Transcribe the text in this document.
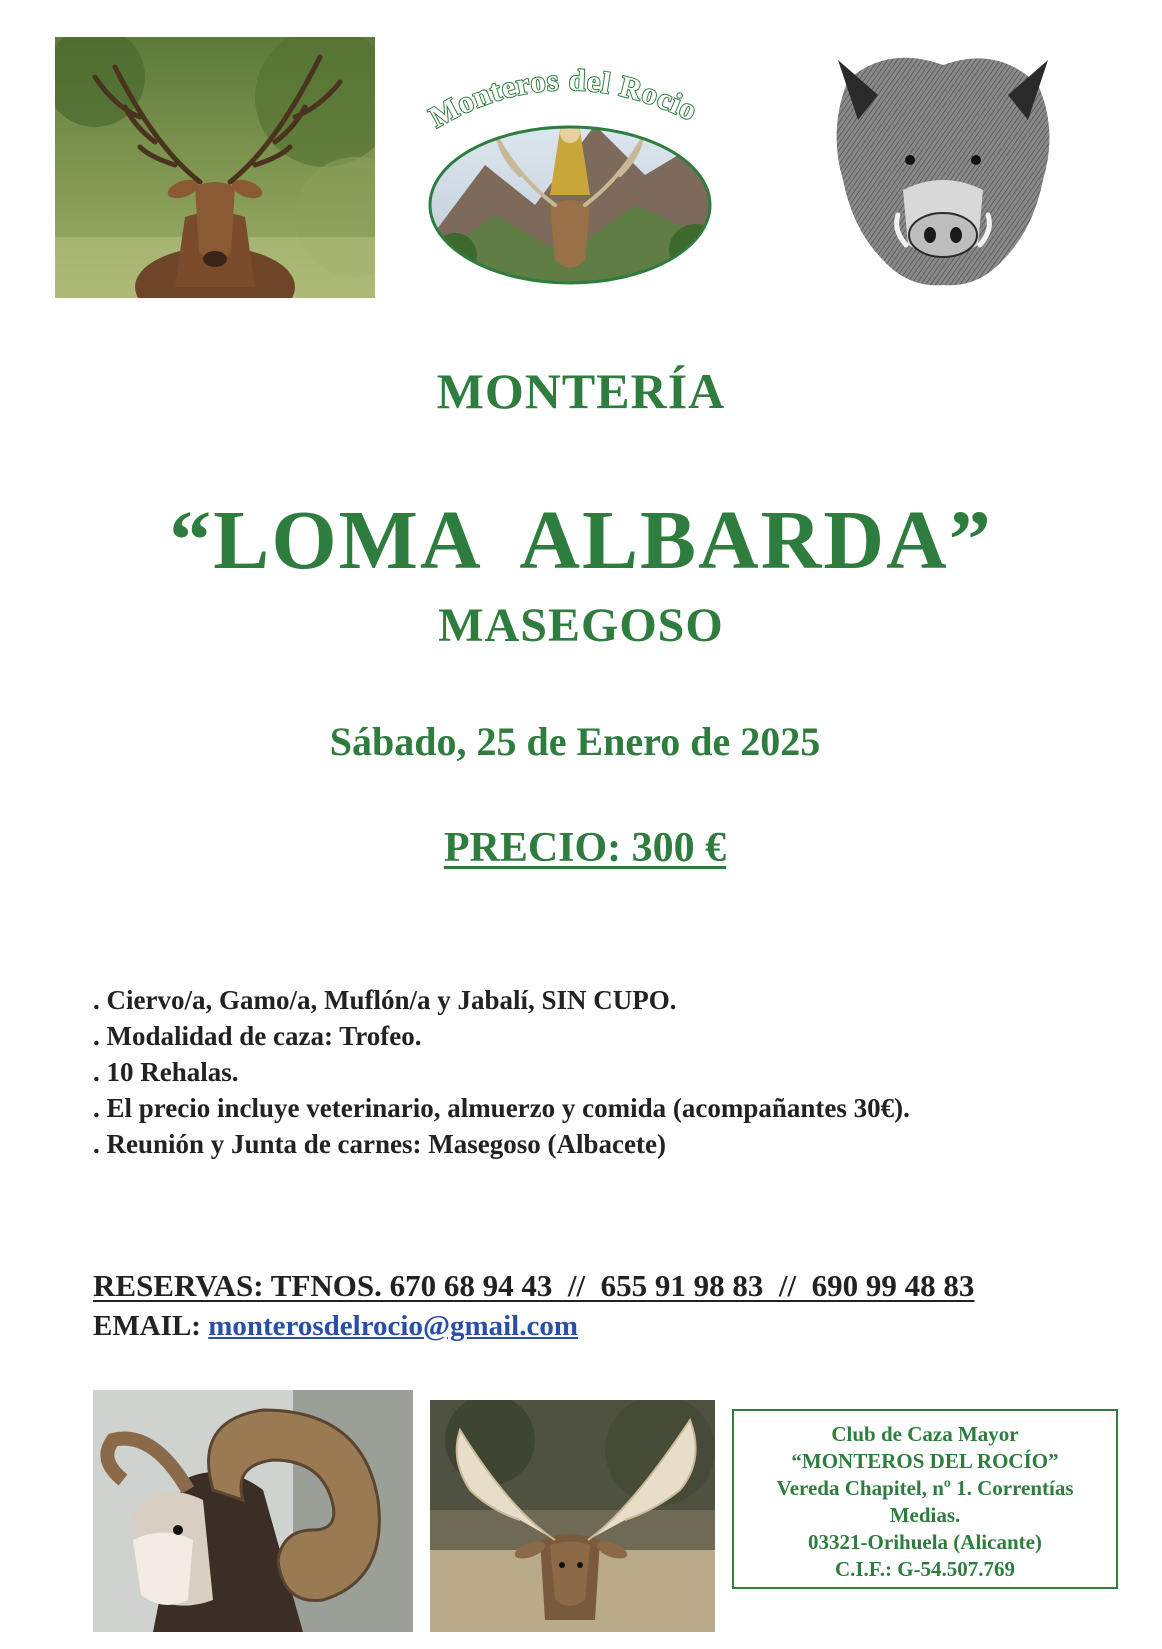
Monteros del Rocio
MONTERÍA
“LOMA  ALBARDA”
MASEGOSO
Sábado, 25 de Enero de 2025
PRECIO: 300 €
. Ciervo/a, Gamo/a, Muflón/a y Jabalí, SIN CUPO.
. Modalidad de caza: Trofeo.
. 10 Rehalas.
. El precio incluye veterinario, almuerzo y comida (acompañantes 30€).
. Reunión y Junta de carnes: Masegoso (Albacete)
RESERVAS: TFNOS. 670 68 94 43  //  655 91 98 83  //  690 99 48 83
EMAIL: monterosdelrocio@gmail.com
Club de Caza Mayor
“MONTEROS DEL ROCÍO”
Vereda Chapitel, nº 1. Correntías
Medias.
03321-Orihuela (Alicante)
C.I.F.: G-54.507.769
